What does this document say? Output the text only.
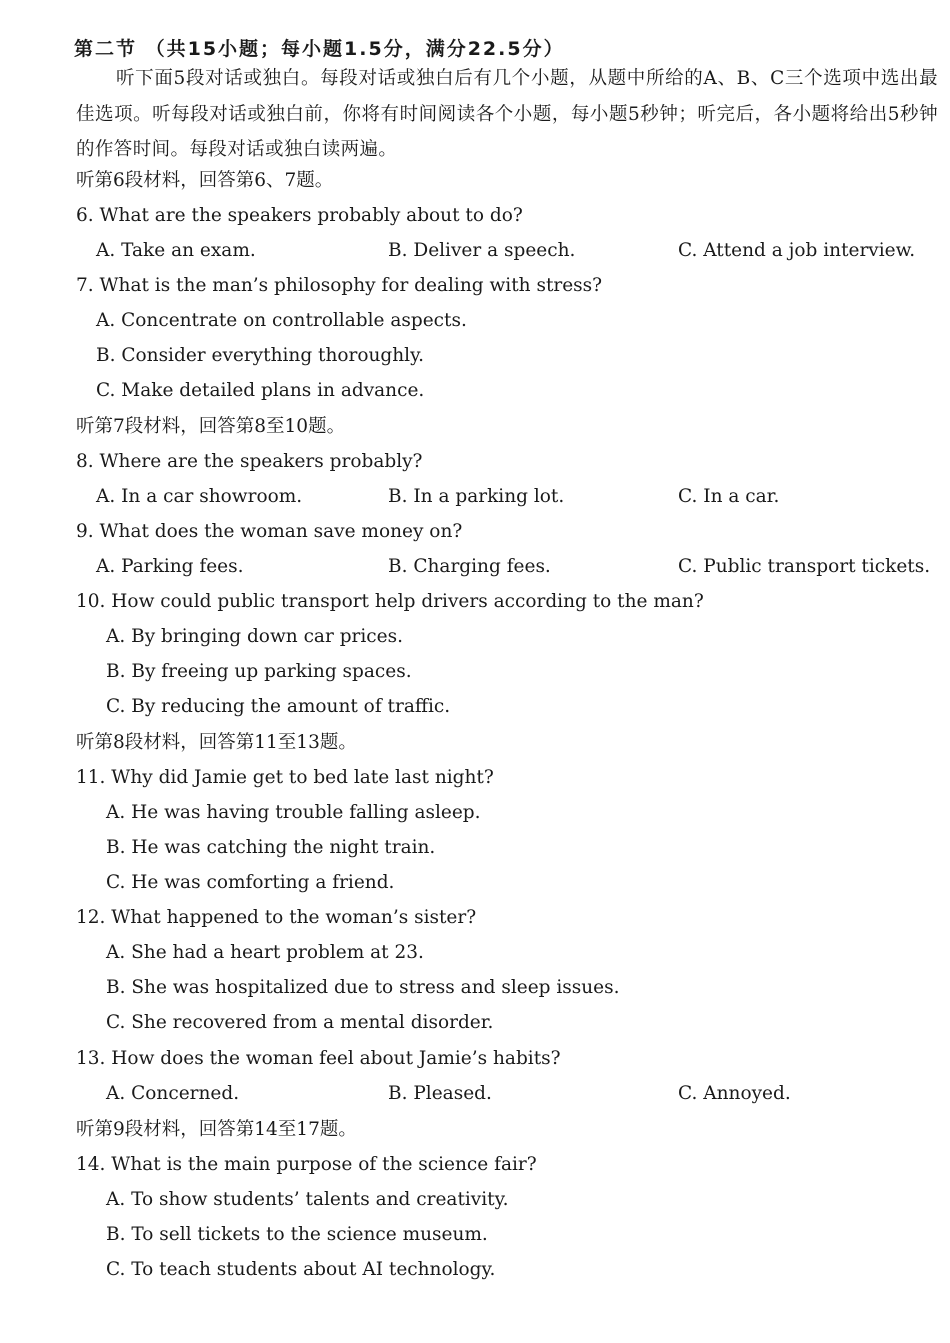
第二节 （共15小题；每小题1.5分，满分22.5分）
听下面5段对话或独白。每段对话或独白后有几个小题，从题中所给的A、B、C三个选项中选出最佳选项。听每段对话或独白前，你将有时间阅读各个小题，每小题5秒钟；听完后，各小题将给出5秒钟的作答时间。每段对话或独白读两遍。
听第6段材料，回答第6、7题。
6. What are the speakers probably about to do?
A. Take an exam.	B. Deliver a speech.	C. Attend a job interview.
7. What is the man’s philosophy for dealing with stress?
A. Concentrate on controllable aspects.
B. Consider everything thoroughly.
C. Make detailed plans in advance.
听第7段材料，回答第8至10题。
8. Where are the speakers probably?
A. In a car showroom.	B. In a parking lot.	C. In a car.
9. What does the woman save money on?
A. Parking fees.	B. Charging fees.	C. Public transport tickets.
10. How could public transport help drivers according to the man?
A. By bringing down car prices.
B. By freeing up parking spaces.
C. By reducing the amount of traffic.
听第8段材料，回答第11至13题。
11. Why did Jamie get to bed late last night?
A. He was having trouble falling asleep.
B. He was catching the night train.
C. He was comforting a friend.
12. What happened to the woman’s sister?
A. She had a heart problem at 23.
B. She was hospitalized due to stress and sleep issues.
C. She recovered from a mental disorder.
13. How does the woman feel about Jamie’s habits?
A. Concerned.	B. Pleased.	C. Annoyed.
听第9段材料，回答第14至17题。
14. What is the main purpose of the science fair?
A. To show students’ talents and creativity.
B. To sell tickets to the science museum.
C. To teach students about AI technology.
